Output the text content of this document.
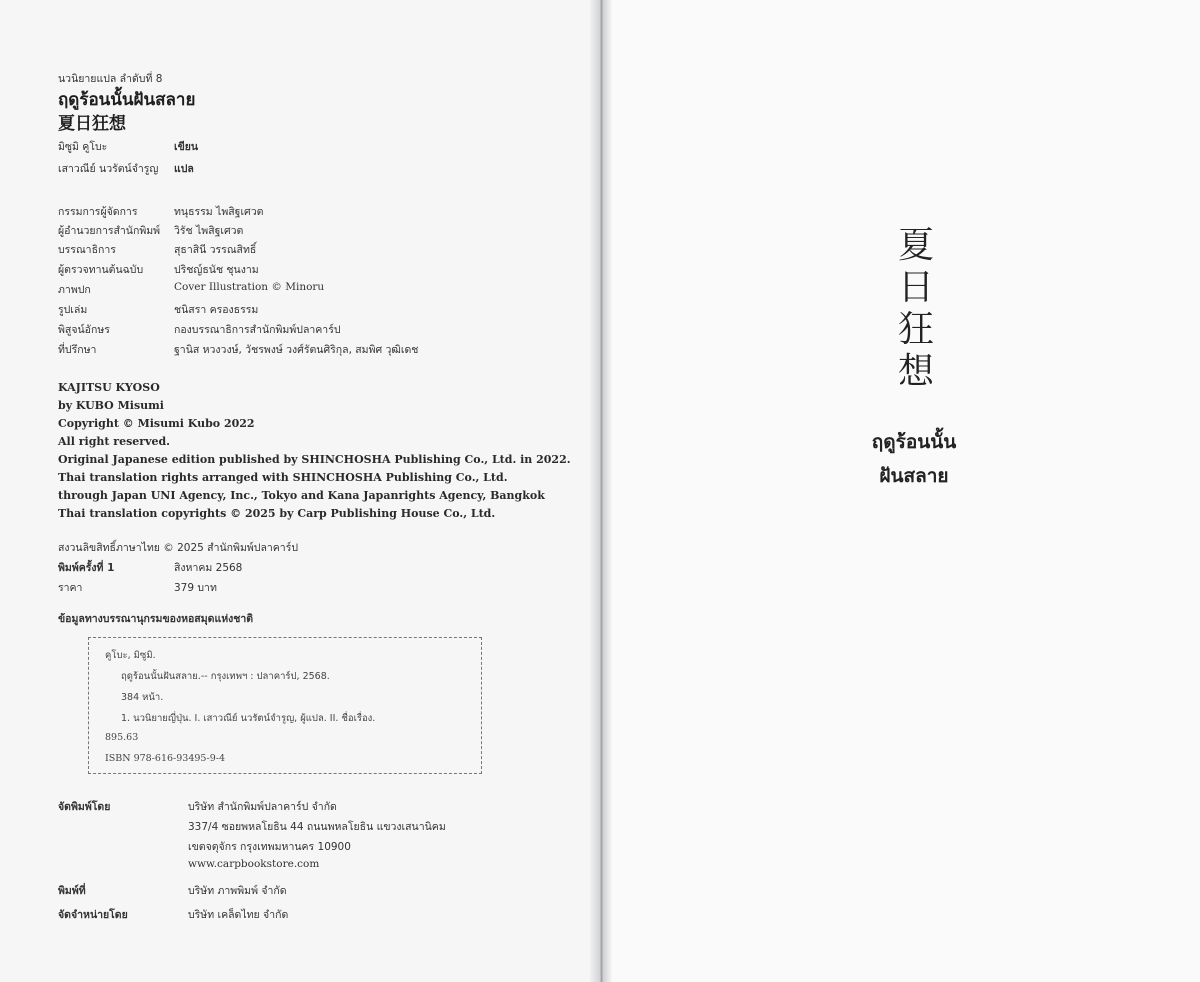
นวนิยายแปล ลำดับที่ 8
ฤดูร้อนนั้นฝันสลาย
夏日狂想
มิซูมิ คูโบะ	เขียน
เสาวณีย์ นวรัตน์จำรูญ แปล
กรรมการผู้จัดการ	ทนุธรรม ไพสิฐเศวต
ผู้อำนวยการสำนักพิมพ์ วิรัช ไพสิฐเศวต
บรรณาธิการ	สุธาสินี วรรณสิทธิ์
ผู้ตรวจทานต้นฉบับ	ปริชญ์ธนัช ชุนงาม
ภาพปก	Cover Illustration © Minoru
รูปเล่ม	ชนิสรา ครองธรรม
พิสูจน์อักษร	กองบรรณาธิการสำนักพิมพ์ปลาคาร์ป
ที่ปรึกษา	ฐานิส หวงวงษ์, วัชรพงษ์ วงศ์รัตนศิริกุล, สมพิศ วุฒิเดช
KAJITSU KYOSO
by KUBO Misumi
Copyright © Misumi Kubo 2022
All right reserved.
Original Japanese edition published by SHINCHOSHA Publishing Co., Ltd. in 2022.
Thai translation rights arranged with SHINCHOSHA Publishing Co., Ltd.
through Japan UNI Agency, Inc., Tokyo and Kana Japanrights Agency, Bangkok
Thai translation copyrights © 2025 by Carp Publishing House Co., Ltd.
สงวนลิขสิทธิ์ภาษาไทย © 2025 สำนักพิมพ์ปลาคาร์ป
พิมพ์ครั้งที่ 1	สิงหาคม 2568
ราคา	379 บาท
ข้อมูลทางบรรณานุกรมของหอสมุดแห่งชาติ
คูโบะ, มิซูมิ.
ฤดูร้อนนั้นฝันสลาย.-- กรุงเทพฯ : ปลาคาร์ป, 2568.
384 หน้า.
1. นวนิยายญี่ปุ่น. I. เสาวณีย์ นวรัตน์จำรูญ, ผู้แปล. II. ชื่อเรื่อง.
895.63
ISBN 978-616-93495-9-4
จัดพิมพ์โดย	บริษัท สำนักพิมพ์ปลาคาร์ป จำกัด
337/4 ซอยพหลโยธิน 44 ถนนพหลโยธิน แขวงเสนานิคม
เขตจตุจักร กรุงเทพมหานคร 10900
www.carpbookstore.com
พิมพ์ที่	บริษัท ภาพพิมพ์ จำกัด
จัดจำหน่ายโดย	บริษัท เคล็ดไทย จำกัด
夏
日
狂
想
ฤดูร้อนนั้น
ฝันสลาย
